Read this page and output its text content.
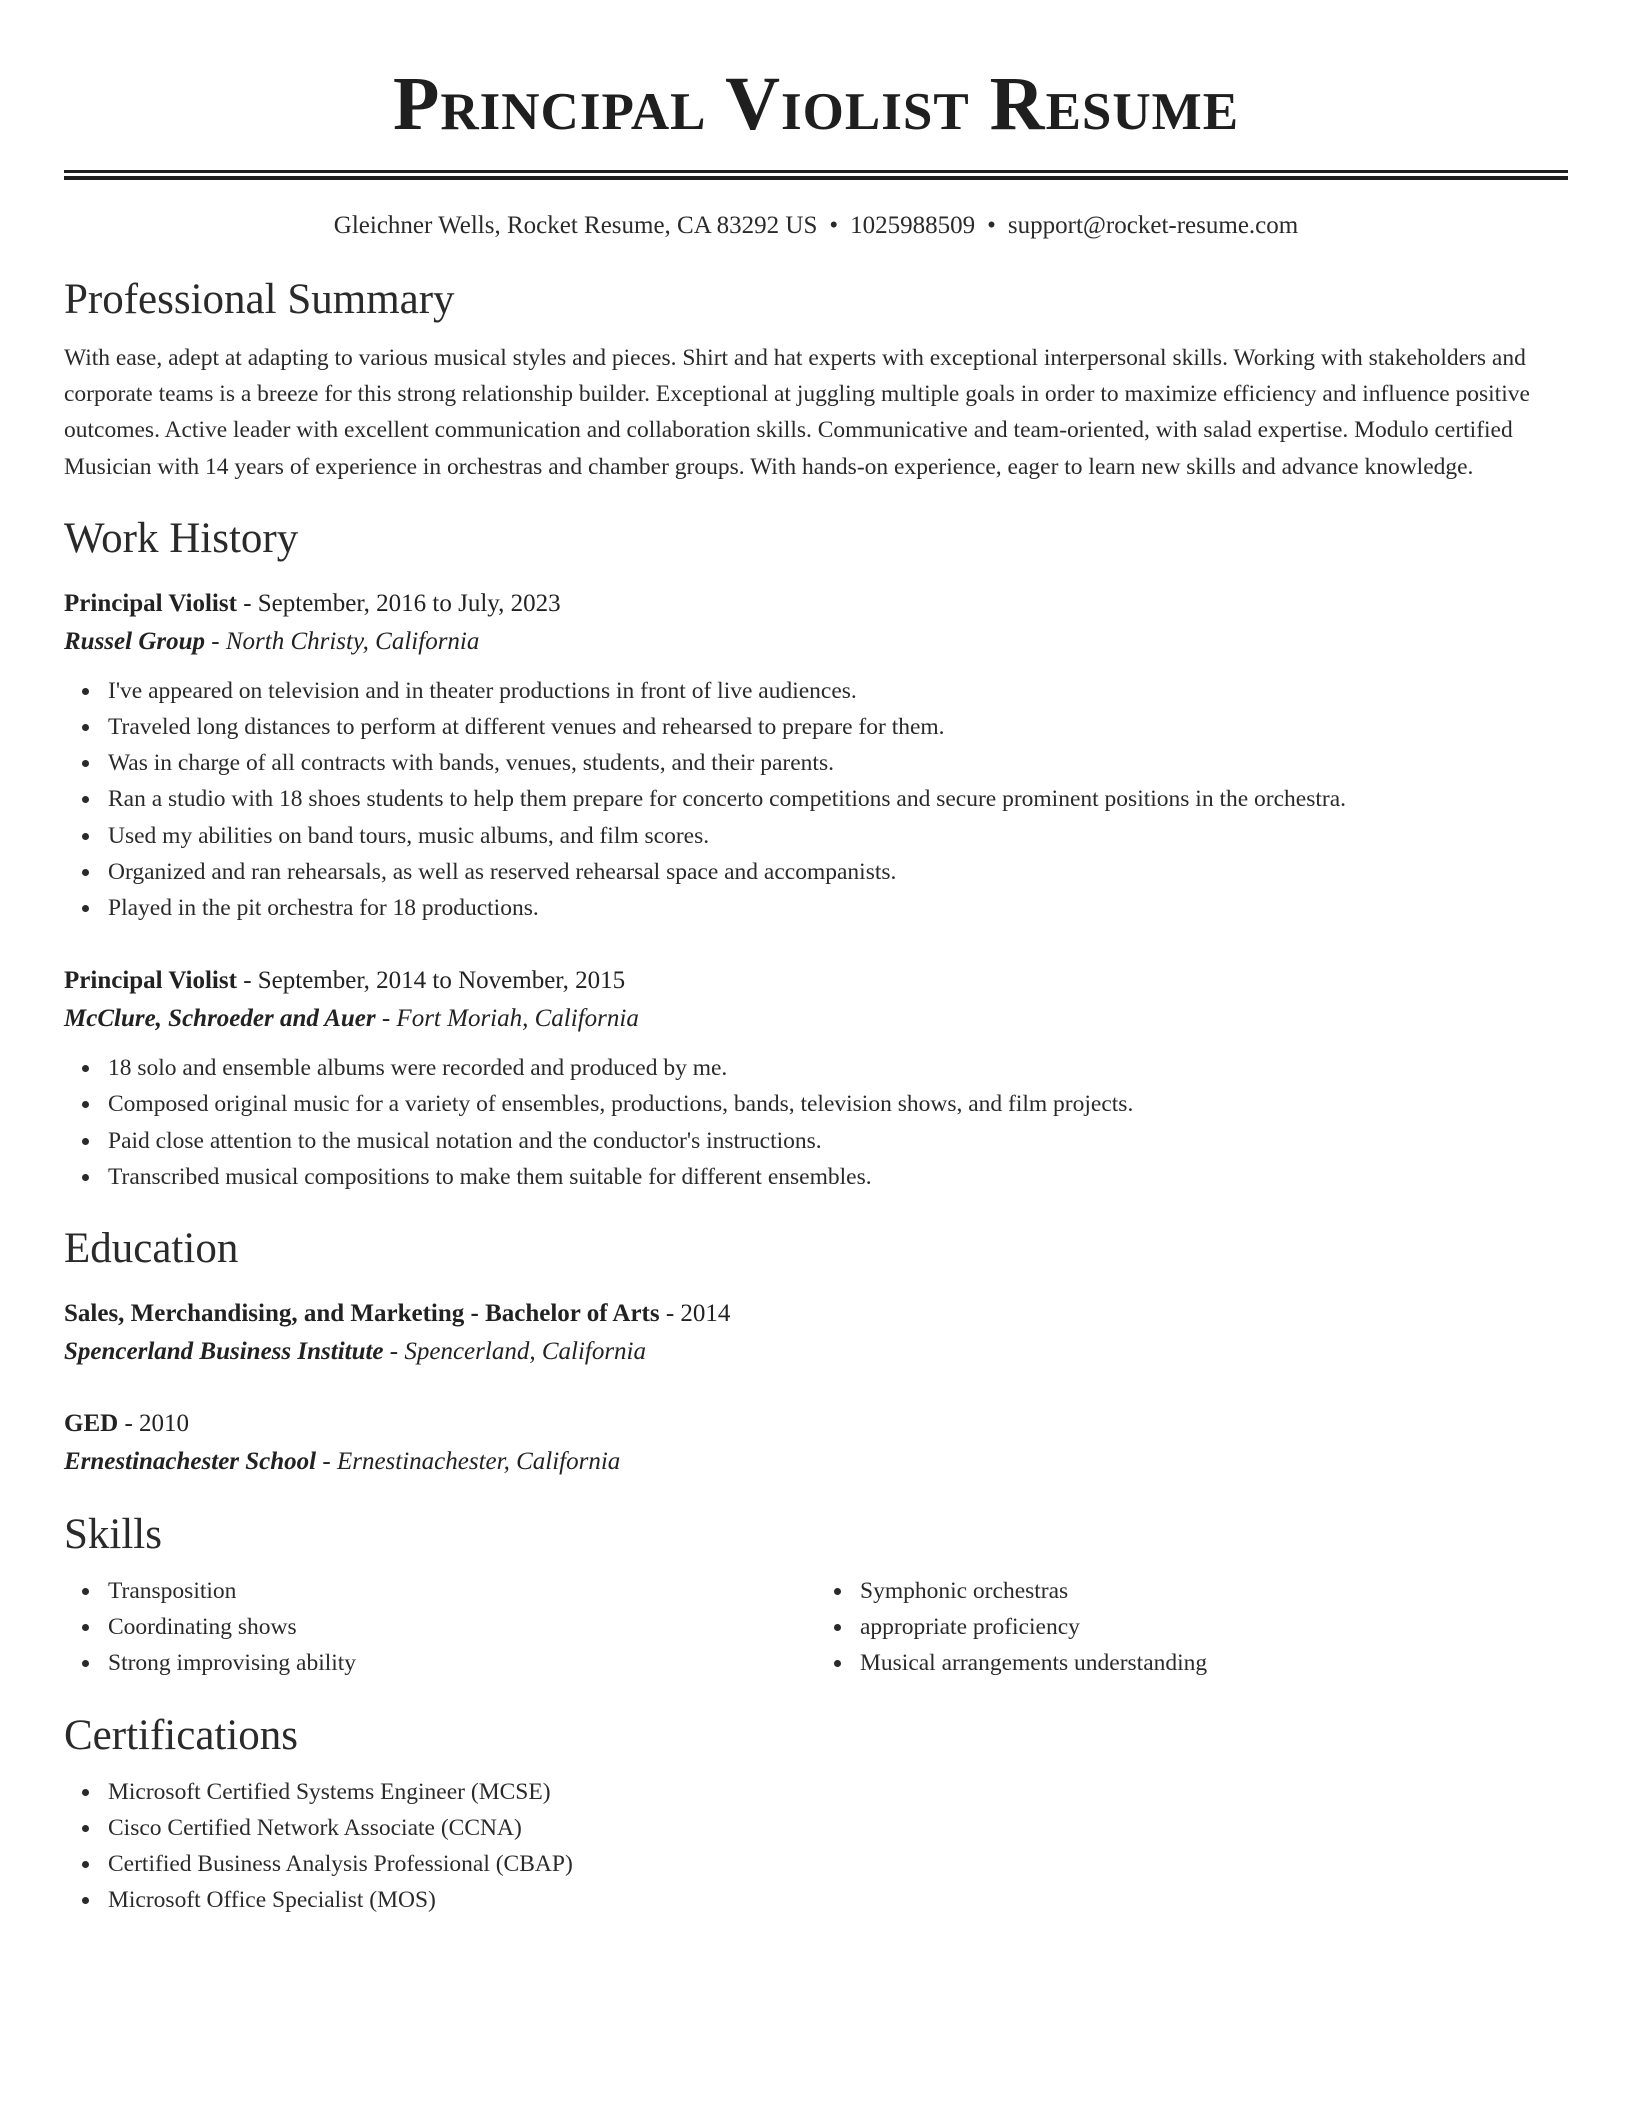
Principal Violist Resume
Gleichner Wells, Rocket Resume, CA 83292 US • 1025988509 • support@rocket-resume.com
Professional Summary

With ease, adept at adapting to various musical styles and pieces. Shirt and hat experts with exceptional interpersonal skills. Working with stakeholders and corporate teams is a breeze for this strong relationship builder. Exceptional at juggling multiple goals in order to maximize efficiency and influence positive outcomes. Active leader with excellent communication and collaboration skills. Communicative and team-oriented, with salad expertise. Modulo certified Musician with 14 years of experience in orchestras and chamber groups. With hands-on experience, eager to learn new skills and advance knowledge.

Work History
Principal Violist - September, 2016 to July, 2023
Russel Group - North Christy, California
I've appeared on television and in theater productions in front of live audiences.
Traveled long distances to perform at different venues and rehearsed to prepare for them.
Was in charge of all contracts with bands, venues, students, and their parents.
Ran a studio with 18 shoes students to help them prepare for concerto competitions and secure prominent positions in the orchestra.
Used my abilities on band tours, music albums, and film scores.
Organized and ran rehearsals, as well as reserved rehearsal space and accompanists.
Played in the pit orchestra for 18 productions.
Principal Violist - September, 2014 to November, 2015
McClure, Schroeder and Auer - Fort Moriah, California
18 solo and ensemble albums were recorded and produced by me.
Composed original music for a variety of ensembles, productions, bands, television shows, and film projects.
Paid close attention to the musical notation and the conductor's instructions.
Transcribed musical compositions to make them suitable for different ensembles.
Education
Sales, Merchandising, and Marketing - Bachelor of Arts - 2014
Spencerland Business Institute - Spencerland, California
GED - 2010
Ernestinachester School - Ernestinachester, California
Skills
Transposition
Coordinating shows
Strong improvising ability
Symphonic orchestras
appropriate proficiency
Musical arrangements understanding
Certifications
Microsoft Certified Systems Engineer (MCSE)
Cisco Certified Network Associate (CCNA)
Certified Business Analysis Professional (CBAP)
Microsoft Office Specialist (MOS)
